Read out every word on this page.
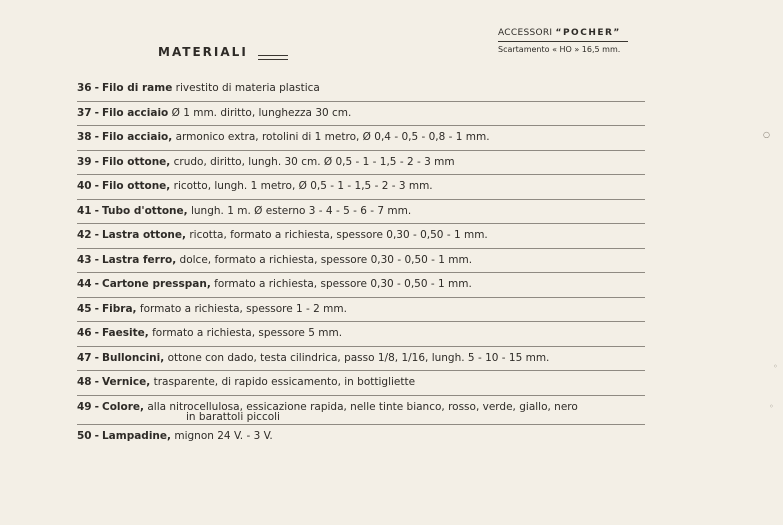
MATERIALI
ACCESSORI “POCHER”
Scartamento « HO » 16,5 mm.
36 - Filo di rame rivestito di materia plastica
37 - Filo acciaio Ø 1 mm. diritto, lunghezza 30 cm.
38 - Filo acciaio, armonico extra, rotolini di 1 metro, Ø 0,4 - 0,5 - 0,8 - 1 mm.
39 - Filo ottone, crudo, diritto, lungh. 30 cm. Ø 0,5 - 1 - 1,5 - 2 - 3 mm
40 - Filo ottone, ricotto, lungh. 1 metro, Ø 0,5 - 1 - 1,5 - 2 - 3 mm.
41 - Tubo d'ottone, lungh. 1 m. Ø esterno 3 - 4 - 5 - 6 - 7 mm.
42 - Lastra ottone, ricotta, formato a richiesta, spessore 0,30 - 0,50 - 1 mm.
43 - Lastra ferro, dolce, formato a richiesta, spessore 0,30 - 0,50 - 1 mm.
44 - Cartone presspan, formato a richiesta, spessore 0,30 - 0,50 - 1 mm.
45 - Fibra, formato a richiesta, spessore 1 - 2 mm.
46 - Faesite, formato a richiesta, spessore 5 mm.
47 - Bulloncini, ottone con dado, testa cilindrica, passo 1/8, 1/16, lungh. 5 - 10 - 15 mm.
48 - Vernice, trasparente, di rapido essicamento, in bottigliette
49 - Colore, alla nitrocellulosa, essicazione rapida, nelle tinte bianco, rosso, verde, giallo, nero
in barattoli piccoli
50 - Lampadine, mignon 24 V. - 3 V.
○
◦
◦
